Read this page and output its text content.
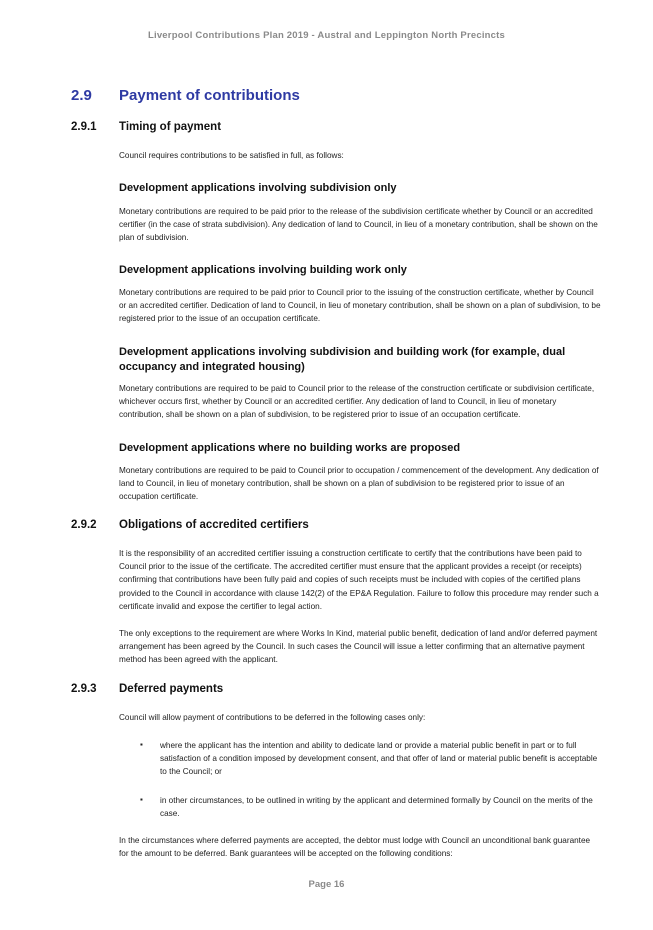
Liverpool Contributions Plan 2019 - Austral and Leppington North Precincts
2.9 Payment of contributions
2.9.1 Timing of payment
Council requires contributions to be satisfied in full, as follows:
Development applications involving subdivision only
Monetary contributions are required to be paid prior to the release of the subdivision certificate whether by Council or an accredited certifier (in the case of strata subdivision). Any dedication of land to Council, in lieu of a monetary contribution, shall be shown on the plan of subdivision.
Development applications involving building work only
Monetary contributions are required to be paid prior to Council prior to the issuing of the construction certificate, whether by Council or an accredited certifier. Dedication of land to Council, in lieu of monetary contribution, shall be shown on a plan of subdivision, to be registered prior to the issue of an occupation certificate.
Development applications involving subdivision and building work (for example, dual occupancy and integrated housing)
Monetary contributions are required to be paid to Council prior to the release of the construction certificate or subdivision certificate, whichever occurs first, whether by Council or an accredited certifier. Any dedication of land to Council, in lieu of monetary contribution, shall be shown on a plan of subdivision, to be registered prior to issue of an occupation certificate.
Development applications where no building works are proposed
Monetary contributions are required to be paid to Council prior to occupation / commencement of the development. Any dedication of land to Council, in lieu of monetary contribution, shall be shown on a plan of subdivision to be registered prior to issue of an occupation certificate.
2.9.2 Obligations of accredited certifiers
It is the responsibility of an accredited certifier issuing a construction certificate to certify that the contributions have been paid to Council prior to the issue of the certificate. The accredited certifier must ensure that the applicant provides a receipt (or receipts) confirming that contributions have been fully paid and copies of such receipts must be included with copies of the certified plans provided to the Council in accordance with clause 142(2) of the EP&A Regulation. Failure to follow this procedure may render such a certificate invalid and expose the certifier to legal action.
The only exceptions to the requirement are where Works In Kind, material public benefit, dedication of land and/or deferred payment arrangement has been agreed by the Council. In such cases the Council will issue a letter confirming that an alternative payment method has been agreed with the applicant.
2.9.3 Deferred payments
Council will allow payment of contributions to be deferred in the following cases only:
▪ where the applicant has the intention and ability to dedicate land or provide a material public benefit in part or to full satisfaction of a condition imposed by development consent, and that offer of land or material public benefit is acceptable to the Council; or
▪ in other circumstances, to be outlined in writing by the applicant and determined formally by Council on the merits of the case.
In the circumstances where deferred payments are accepted, the debtor must lodge with Council an unconditional bank guarantee for the amount to be deferred. Bank guarantees will be accepted on the following conditions:
Page 16
